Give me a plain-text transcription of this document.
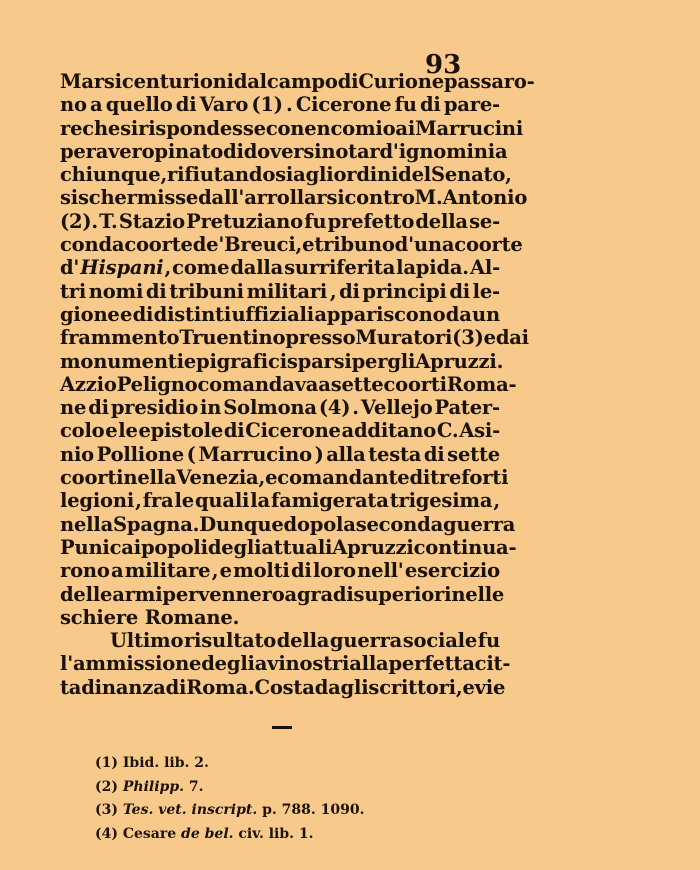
93
Marsi centurioni dal campo di Curione passaro-
no a quello di Varo (1) . Cicerone fu di pare-
re che si rispondesse con encomio ai Marrucini
per aver opinato di doversi notar d' ignominia
chiunque , rifiutandosi agli ordini del Senato ,
si schermisse dall' arrollarsi contro M. Antonio
(2). T. Stazio Pretuziano fu prefetto della se-
conda coorte de' Breuci, e tribuno d' una coorte
d' Hispani , come dalla surriferita lapida. Al-
tri nomi di tribuni militari , di principi di le-
gione e di distinti uffiziali appariscono da un
frammento Truentino presso Muratori (3) e dai
monumenti epigrafici sparsi per gli Apruzzi.
Azzio Peligno comandava a sette coorti Roma-
ne di presidio in Solmona (4) . Vellejo Pater-
colo e le epistole di Cicerone additano C. Asi-
nio Pollione ( Marrucino ) alla testa di sette
coorti nella Venezia , e comandante di tre forti
legioni , fra le quali la famigerata trigesima ,
nella Spagna. Dunque dopo la seconda guerra
Punica i popoli degli attuali Apruzzi continua-
rono a militare , e molti di loro nell' esercizio
delle armi pervennero a gradi superiori nelle
schiere Romane.
Ultimo risultato della guerra sociale fu
l' ammissione degli avi nostri alla perfetta cit-
tadinanza di Roma. Costa dagli scrittori, e vie
(1) Ibid. lib. 2.
(2) Philipp. 7.
(3) Tes. vet. inscript. p. 788. 1090.
(4) Cesare de bel. civ. lib. 1.
